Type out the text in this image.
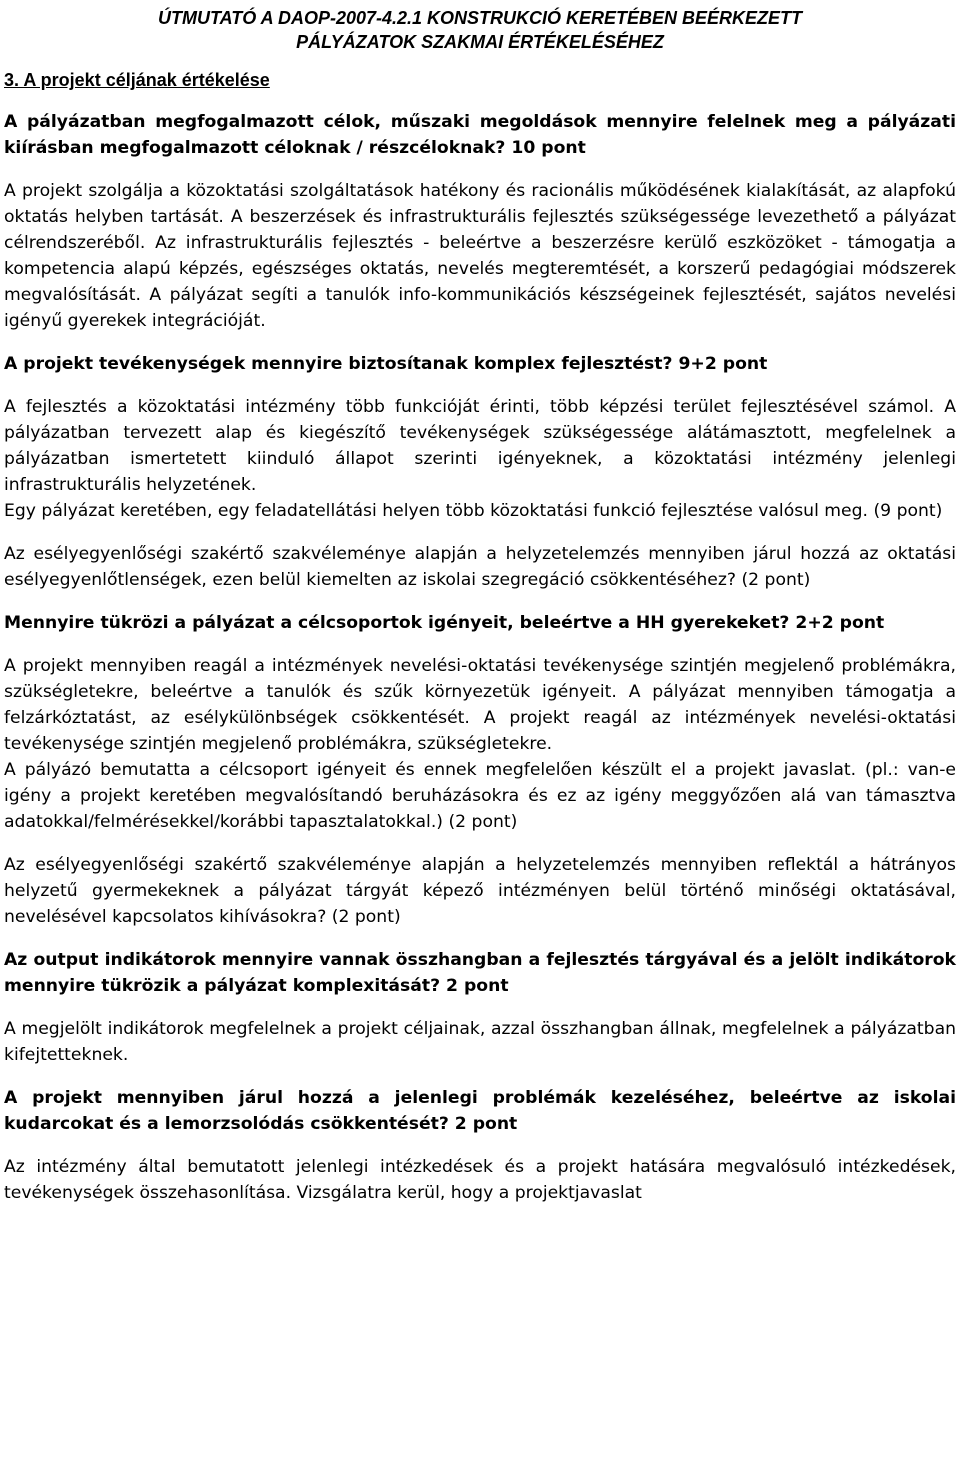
ÚTMUTATÓ A DAOP-2007-4.2.1 KONSTRUKCIÓ KERETÉBEN BEÉRKEZETT

PÁLYÁZATOK SZAKMAI ÉRTÉKELÉSÉHEZ

3. A projekt céljának értékelése

A pályázatban megfogalmazott célok, műszaki megoldások mennyire felelnek meg a pályázati kiírásban megfogalmazott céloknak / részcéloknak? 10 pont

A projekt szolgálja a közoktatási szolgáltatások hatékony és racionális működésének kialakítását, az alapfokú oktatás helyben tartását. A beszerzések és infrastrukturális fejlesztés szükségessége levezethető a pályázat célrendszeréből. Az infrastrukturális fejlesztés - beleértve a beszerzésre kerülő eszközöket - támogatja a kompetencia alapú képzés, egészséges oktatás, nevelés megteremtését, a korszerű pedagógiai módszerek megvalósítását. A pályázat segíti a tanulók info-kommunikációs készségeinek fejlesztését, sajátos nevelési igényű gyerekek integrációját.

A projekt tevékenységek mennyire biztosítanak komplex fejlesztést? 9+2 pont

A fejlesztés a közoktatási intézmény több funkcióját érinti, több képzési terület fejlesztésével számol. A pályázatban tervezett alap és kiegészítő tevékenységek szükségessége alátámasztott, megfelelnek a pályázatban ismertetett kiinduló állapot szerinti igényeknek, a közoktatási intézmény jelenlegi infrastrukturális helyzetének.

Egy pályázat keretében, egy feladatellátási helyen több közoktatási funkció fejlesztése valósul meg. (9 pont)

Az esélyegyenlőségi szakértő szakvéleménye alapján a helyzetelemzés mennyiben járul hozzá az oktatási esélyegyenlőtlenségek, ezen belül kiemelten az iskolai szegregáció csökkentéséhez? (2 pont)

Mennyire tükrözi a pályázat a célcsoportok igényeit, beleértve a HH gyerekeket? 2+2 pont

A projekt mennyiben reagál a intézmények nevelési-oktatási tevékenysége szintjén megjelenő problémákra, szükségletekre, beleértve a tanulók és szűk környezetük igényeit. A pályázat mennyiben támogatja a felzárkóztatást, az esélykülönbségek csökkentését. A projekt reagál az intézmények nevelési-oktatási tevékenysége szintjén megjelenő problémákra, szükségletekre.

A pályázó bemutatta a célcsoport igényeit és ennek megfelelően készült el a projekt javaslat. (pl.: van-e igény a projekt keretében megvalósítandó beruházásokra és ez az igény meggyőzően alá van támasztva adatokkal/felmérésekkel/korábbi tapasztalatokkal.) (2 pont)

Az esélyegyenlőségi szakértő szakvéleménye alapján a helyzetelemzés mennyiben reflektál a hátrányos helyzetű gyermekeknek a pályázat tárgyát képező intézményen belül történő minőségi oktatásával, nevelésével kapcsolatos kihívásokra? (2 pont)

Az output indikátorok mennyire vannak összhangban a fejlesztés tárgyával és a jelölt indikátorok mennyire tükrözik a pályázat komplexitását? 2 pont

A megjelölt indikátorok megfelelnek a projekt céljainak, azzal összhangban állnak, megfelelnek a pályázatban kifejtetteknek.

A projekt mennyiben járul hozzá a jelenlegi problémák kezeléséhez, beleértve az iskolai kudarcokat és a lemorzsolódás csökkentését? 2 pont

Az intézmény által bemutatott jelenlegi intézkedések és a projekt hatására megvalósuló intézkedések, tevékenységek összehasonlítása. Vizsgálatra kerül, hogy a projektjavaslat
